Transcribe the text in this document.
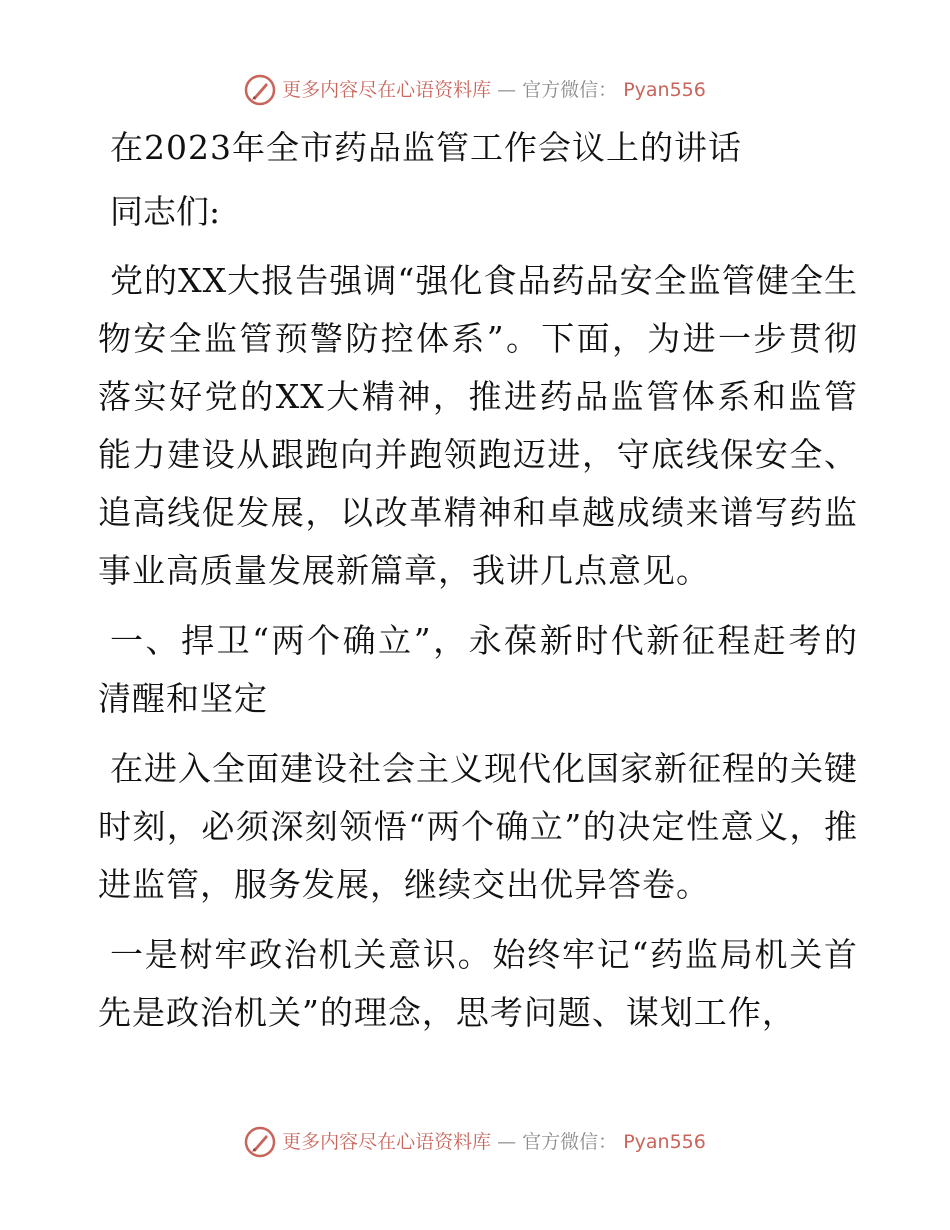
更多内容尽在心语资料库 — 官方微信： Pyan556
在2023年全市药品监管工作会议上的讲话
同志们:

党的XX大报告强调“强化食品药品安全监管健全生物安全监管预警防控体系”。下面，为进一步贯彻落实好党的XX大精神，推进药品监管体系和监管能力建设从跟跑向并跑领跑迈进，守底线保安全、追高线促发展，以改革精神和卓越成绩来谱写药监事业高质量发展新篇章，我讲几点意见。

一、捍卫“两个确立”，永葆新时代新征程赶考的清醒和坚定

在进入全面建设社会主义现代化国家新征程的关键时刻，必须深刻领悟“两个确立”的决定性意义，推进监管，服务发展，继续交出优异答卷。

一是树牢政治机关意识。始终牢记“药监局机关首先是政治机关”的理念，思考问题、谋划工作，

更多内容尽在心语资料库 — 官方微信： Pyan556
